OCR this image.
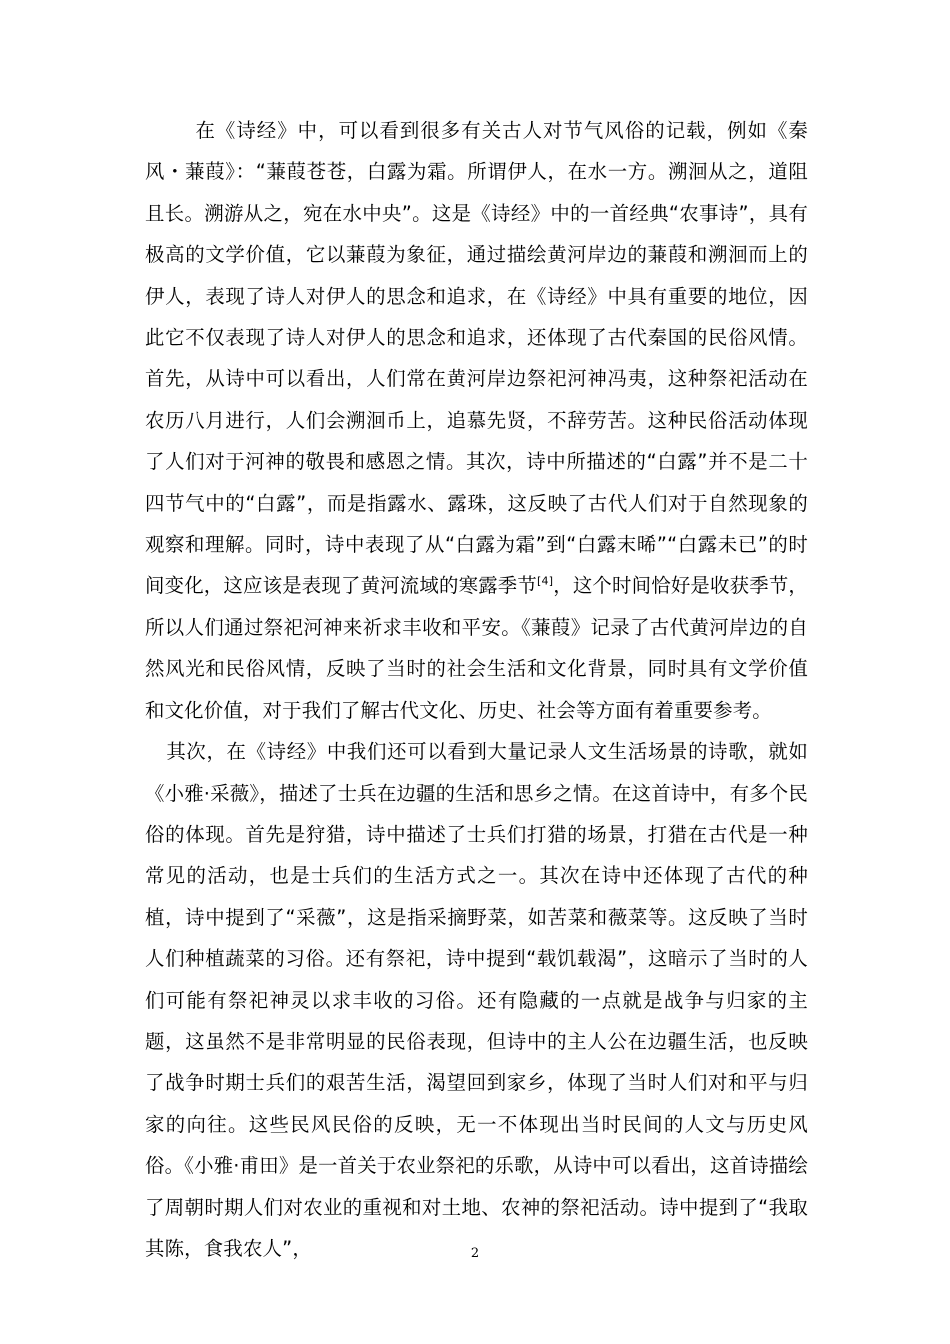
在《诗经》中，可以看到很多有关古人对节气风俗的记载，例如《秦风・蒹葭》：“蒹葭苍苍，白露为霜。所谓伊人，在水一方。溯洄从之，道阻且长。溯游从之，宛在水中央”。这是《诗经》中的一首经典“农事诗”，具有极高的文学价值，它以蒹葭为象征，通过描绘黄河岸边的蒹葭和溯洄而上的伊人，表现了诗人对伊人的思念和追求，在《诗经》中具有重要的地位，因此它不仅表现了诗人对伊人的思念和追求，还体现了古代秦国的民俗风情。首先，从诗中可以看出，人们常在黄河岸边祭祀河神冯夷，这种祭祀活动在农历八月进行，人们会溯洄币上，追慕先贤，不辞劳苦。这种民俗活动体现了人们对于河神的敬畏和感恩之情。其次，诗中所描述的“白露”并不是二十四节气中的“白露”，而是指露水、露珠，这反映了古代人们对于自然现象的观察和理解。同时，诗中表现了从“白露为霜”到“白露末晞”“白露未已”的时间变化，这应该是表现了黄河流域的寒露季节[4]，这个时间恰好是收获季节，所以人们通过祭祀河神来祈求丰收和平安。《蒹葭》记录了古代黄河岸边的自然风光和民俗风情，反映了当时的社会生活和文化背景，同时具有文学价值和文化价值，对于我们了解古代文化、历史、社会等方面有着重要参考。

其次，在《诗经》中我们还可以看到大量记录人文生活场景的诗歌，就如《小雅·采薇》，描述了士兵在边疆的生活和思乡之情。在这首诗中，有多个民俗的体现。首先是狩猎，诗中描述了士兵们打猎的场景，打猎在古代是一种常见的活动，也是士兵们的生活方式之一。其次在诗中还体现了古代的种植，诗中提到了“采薇”，这是指采摘野菜，如苦菜和薇菜等。这反映了当时人们种植蔬菜的习俗。还有祭祀，诗中提到“载饥载渴”，这暗示了当时的人们可能有祭祀神灵以求丰收的习俗。还有隐藏的一点就是战争与归家的主题，这虽然不是非常明显的民俗表现，但诗中的主人公在边疆生活，也反映了战争时期士兵们的艰苦生活，渴望回到家乡，体现了当时人们对和平与归家的向往。这些民风民俗的反映，无一不体现出当时民间的人文与历史风俗。《小雅·甫田》是一首关于农业祭祀的乐歌，从诗中可以看出，这首诗描绘了周朝时期人们对农业的重视和对土地、农神的祭祀活动。诗中提到了“我取其陈，食我农人”，	2
